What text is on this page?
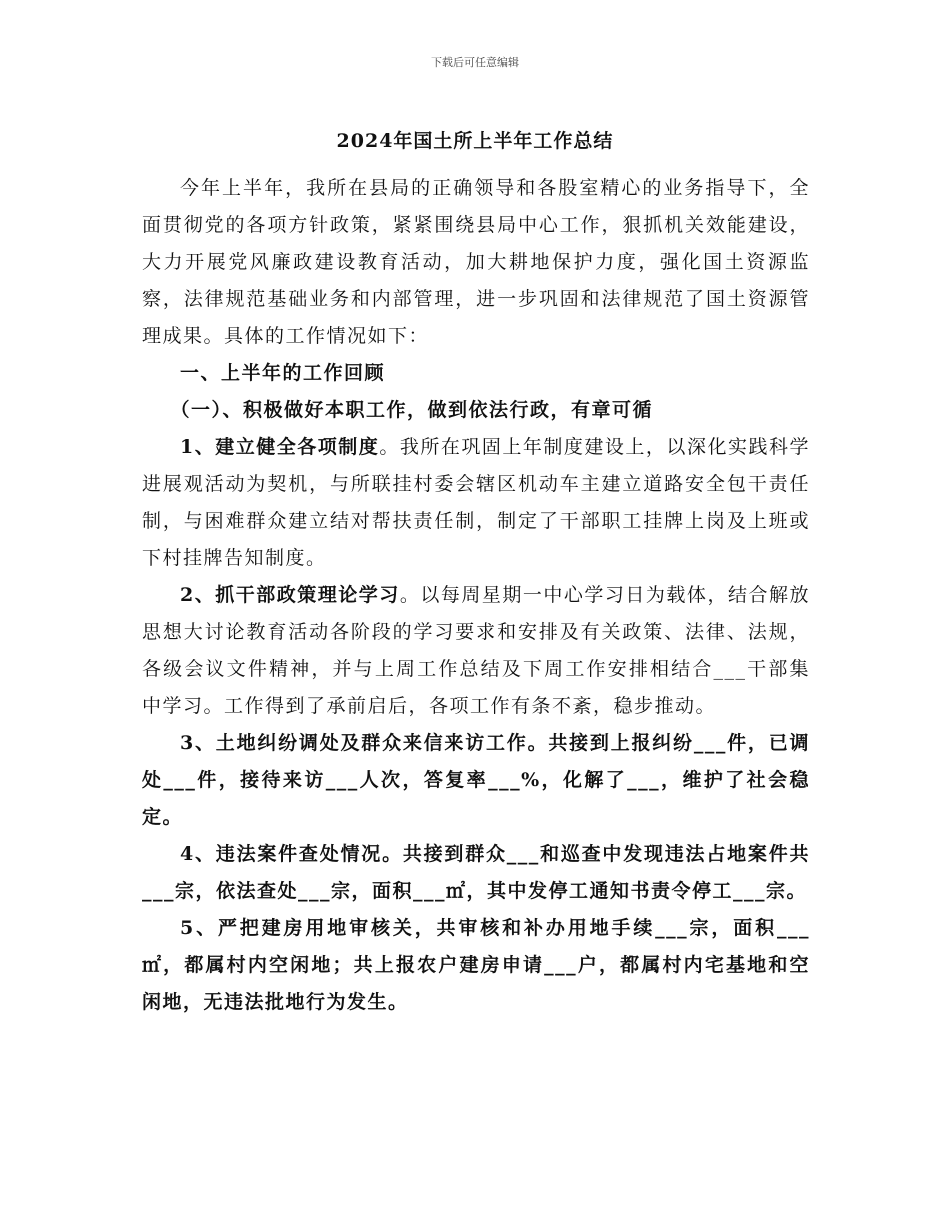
下载后可任意编辑
2024年国土所上半年工作总结

今年上半年，我所在县局的正确领导和各股室精心的业务指导下，全面贯彻党的各项方针政策，紧紧围绕县局中心工作，狠抓机关效能建设，大力开展党风廉政建设教育活动，加大耕地保护力度，强化国土资源监察，法律规范基础业务和内部管理，进一步巩固和法律规范了国土资源管理成果。具体的工作情况如下：

一、上半年的工作回顾

（一）、积极做好本职工作，做到依法行政，有章可循

1、建立健全各项制度。我所在巩固上年制度建设上，以深化实践科学进展观活动为契机，与所联挂村委会辖区机动车主建立道路安全包干责任制，与困难群众建立结对帮扶责任制，制定了干部职工挂牌上岗及上班或下村挂牌告知制度。

2、抓干部政策理论学习。以每周星期一中心学习日为载体，结合解放思想大讨论教育活动各阶段的学习要求和安排及有关政策、法律、法规，各级会议文件精神，并与上周工作总结及下周工作安排相结合___干部集中学习。工作得到了承前启后，各项工作有条不紊，稳步推动。

3、土地纠纷调处及群众来信来访工作。共接到上报纠纷___件，已调处___件，接待来访___人次，答复率___%，化解了___，维护了社会稳定。

4、违法案件查处情况。共接到群众___和巡查中发现违法占地案件共___宗，依法查处___宗，面积___㎡，其中发停工通知书责令停工___宗。

5、严把建房用地审核关，共审核和补办用地手续___宗，面积___㎡，都属村内空闲地；共上报农户建房申请___户，都属村内宅基地和空闲地，无违法批地行为发生。
